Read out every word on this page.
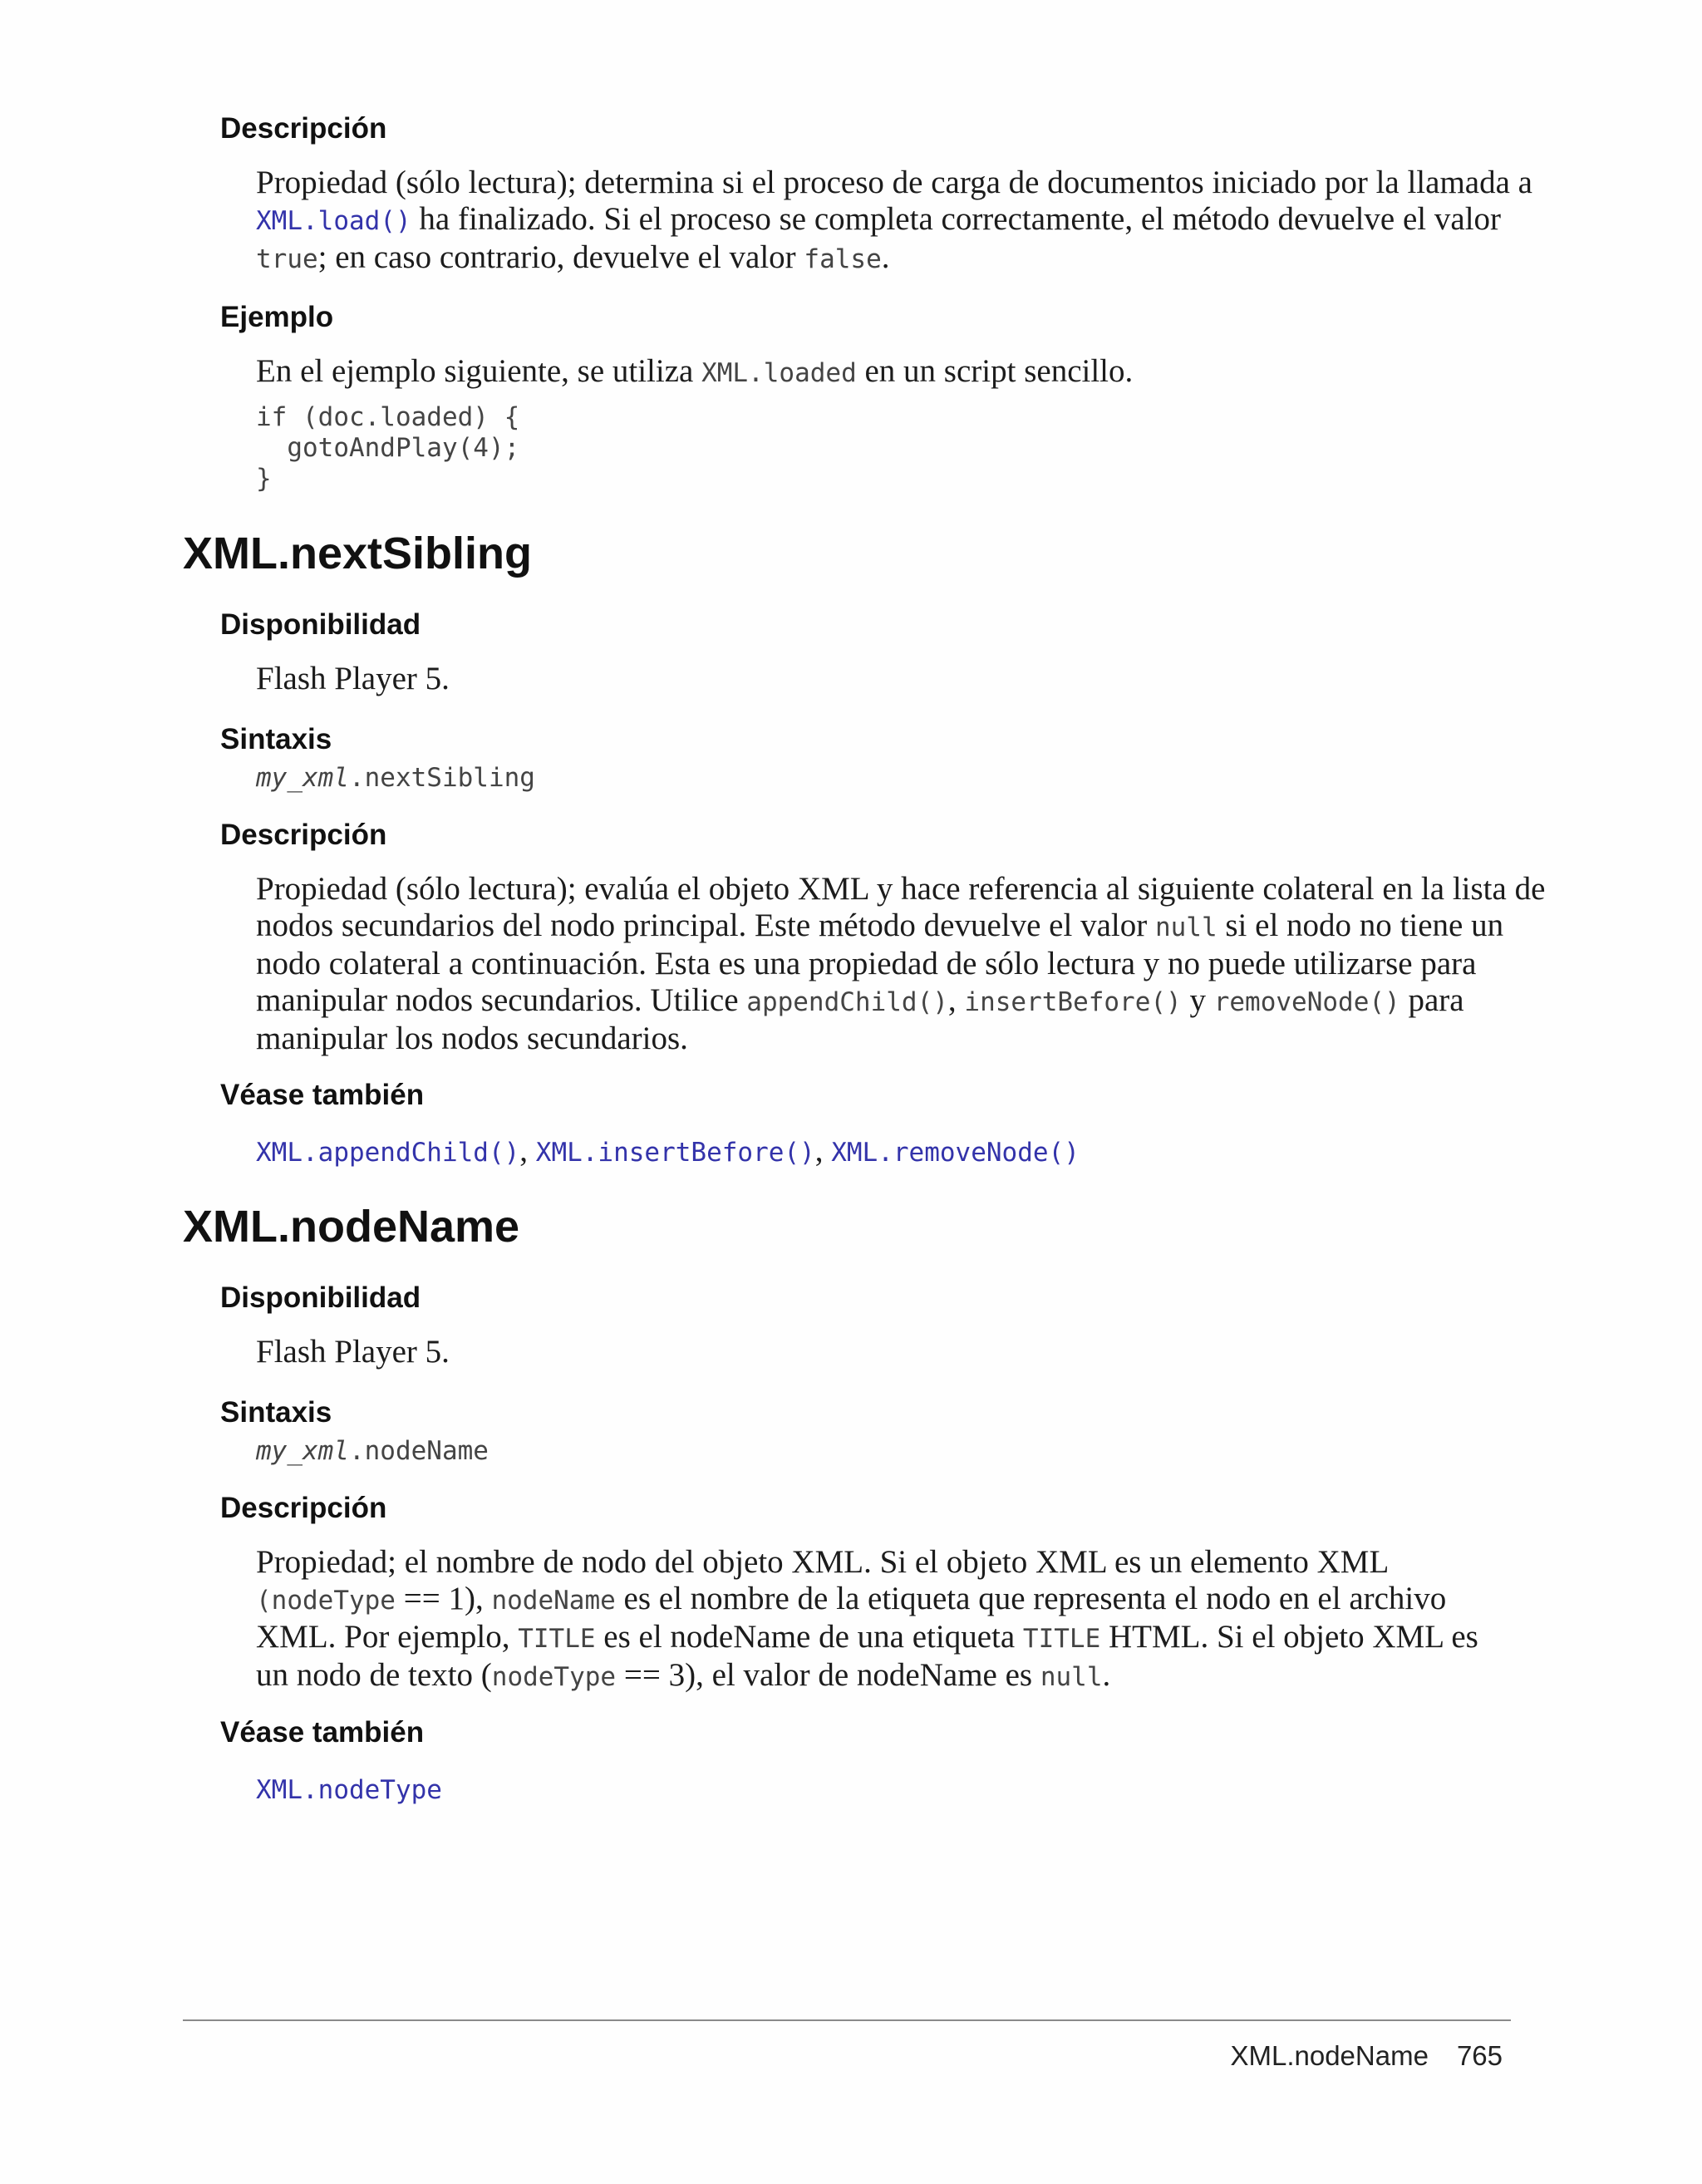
Descripción
Propiedad (sólo lectura); determina si el proceso de carga de documentos iniciado por la llamada a
XML.load() ha finalizado. Si el proceso se completa correctamente, el método devuelve el valor
true; en caso contrario, devuelve el valor false.
Ejemplo
En el ejemplo siguiente, se utiliza XML.loaded en un script sencillo.
if (doc.loaded) {
gotoAndPlay(4);
}
XML.nextSibling
Disponibilidad
Flash Player 5.
Sintaxis
my_xml.nextSibling
Descripción
Propiedad (sólo lectura); evalúa el objeto XML y hace referencia al siguiente colateral en la lista de
nodos secundarios del nodo principal. Este método devuelve el valor null si el nodo no tiene un
nodo colateral a continuación. Esta es una propiedad de sólo lectura y no puede utilizarse para
manipular nodos secundarios. Utilice appendChild(), insertBefore() y removeNode() para
manipular los nodos secundarios.
Véase también
XML.appendChild(), XML.insertBefore(), XML.removeNode()
XML.nodeName
Disponibilidad
Flash Player 5.
Sintaxis
my_xml.nodeName
Descripción
Propiedad; el nombre de nodo del objeto XML. Si el objeto XML es un elemento XML
(nodeType == 1), nodeName es el nombre de la etiqueta que representa el nodo en el archivo
XML. Por ejemplo, TITLE es el nodeName de una etiqueta TITLE HTML. Si el objeto XML es
un nodo de texto (nodeType == 3), el valor de nodeName es null.
Véase también
XML.nodeType
XML.nodeName 765
